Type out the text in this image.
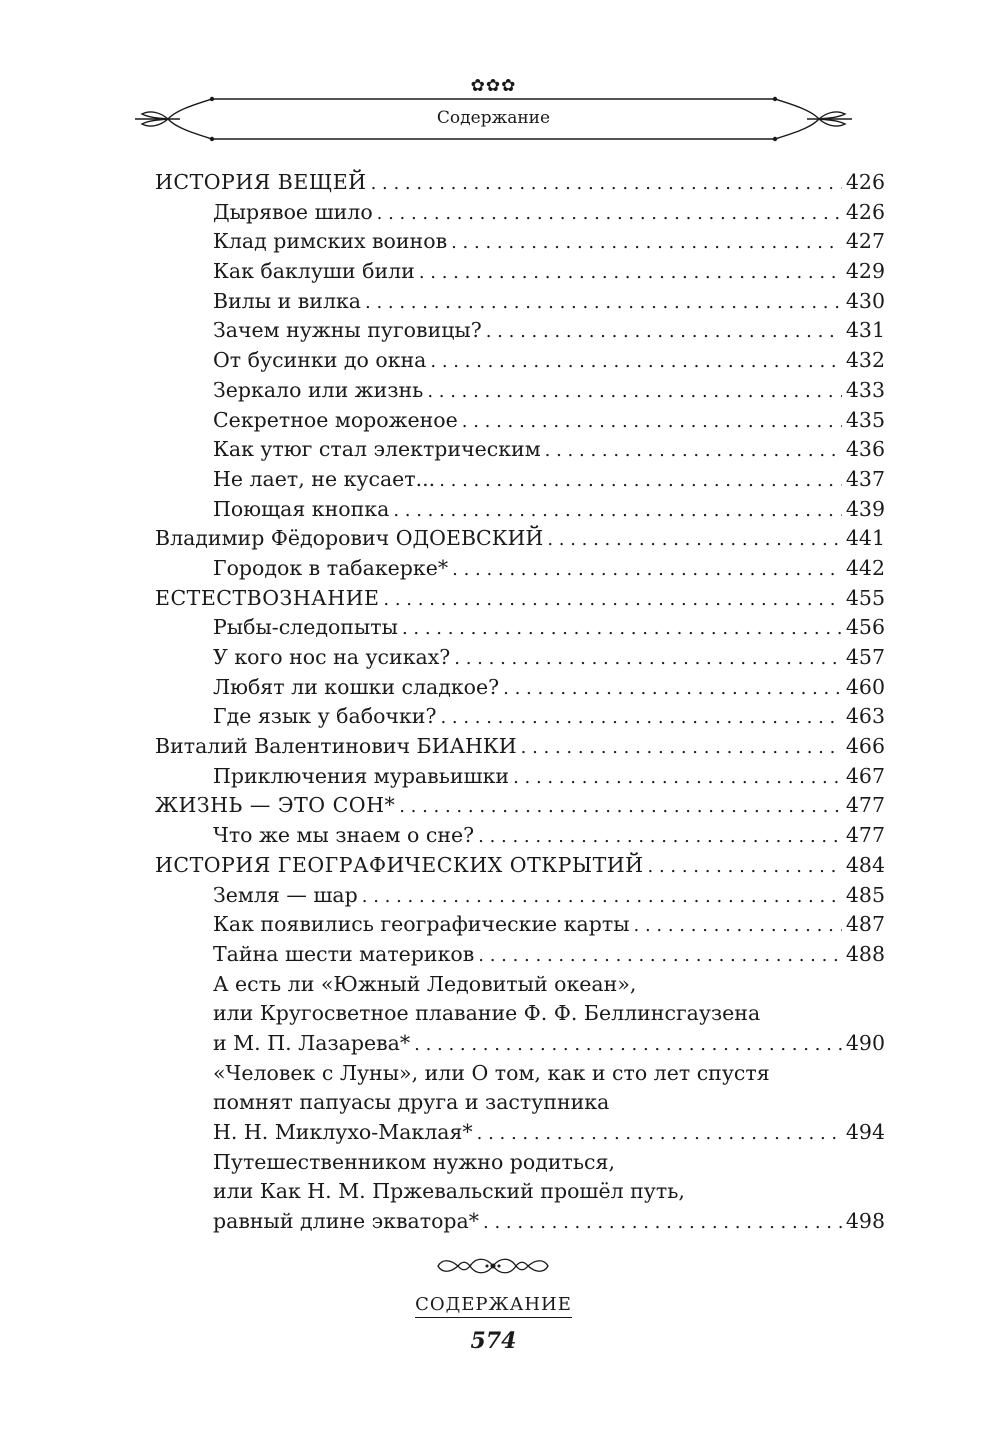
✿✿✿
Содержание
ИСТОРИЯ ВЕЩЕЙ . . .	426
Дырявое шило . . .	426
Клад римских воинов . . .	427
Как баклуши били . . .	429
Вилы и вилка . . .	430
Зачем нужны пуговицы? . . .	431
От бусинки до окна . . .	432
Зеркало или жизнь . . .	433
Секретное мороженое . . .	435
Как утюг стал электрическим . . .	436
Не лает, не кусает... . . .	437
Поющая кнопка . . .	439
Владимир Фёдорович ОДОЕВСКИЙ . . .	441
Городок в табакерке* . . .	442
ЕСТЕСТВОЗНАНИЕ . . .	455
Рыбы-следопыты . . .	456
У кого нос на усиках? . . .	457
Любят ли кошки сладкое? . . .	460
Где язык у бабочки? . . .	463
Виталий Валентинович БИАНКИ . . .	466
Приключения муравьишки . . .	467
ЖИЗНЬ — ЭТО СОН* . . .	477
Что же мы знаем о сне? . . .	477
ИСТОРИЯ ГЕОГРАФИЧЕСКИХ ОТКРЫТИЙ . . .	484
Земля — шар . . .	485
Как появились географические карты . . .	487
Тайна шести материков . . .	488
А есть ли «Южный Ледовитый океан»,
или Кругосветное плавание Ф. Ф. Беллинсгаузена
и М. П. Лазарева* . . .	490
«Человек с Луны», или О том, как и сто лет спустя
помнят папуасы друга и заступника
Н. Н. Миклухо-Маклая* . . .	494
Путешественником нужно родиться,
или Как Н. М. Пржевальский прошёл путь,
равный длине экватора* . . .	498
СОДЕРЖАНИЕ
574
